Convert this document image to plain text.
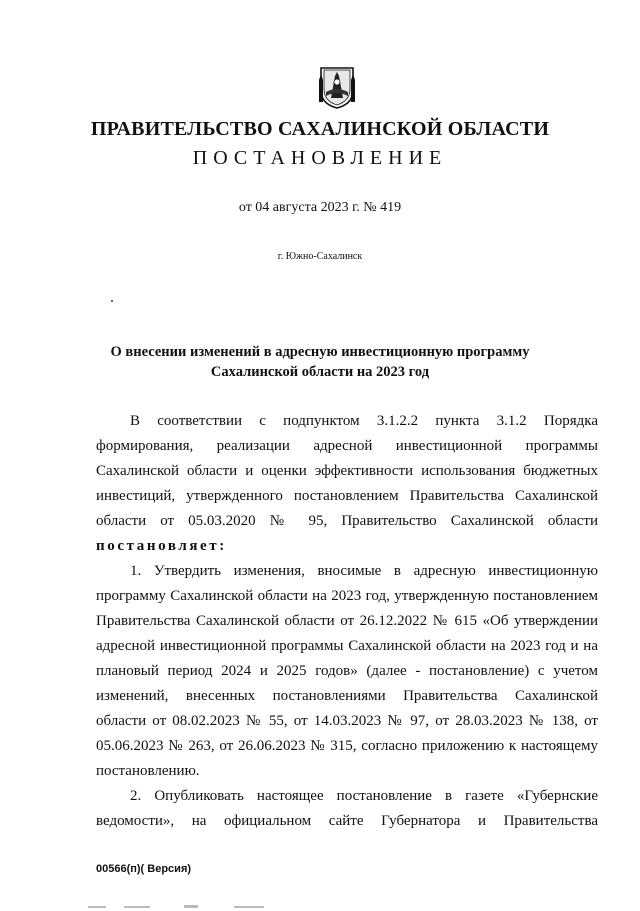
ПРАВИТЕЛЬСТВО САХАЛИНСКОЙ ОБЛАСТИ
ПОСТАНОВЛЕНИЕ
от 04 августа 2023 г. № 419
г. Южно-Сахалинск
О внесении изменений в адресную инвестиционную программу
Сахалинской области на 2023 год
В соответствии с подпунктом 3.1.2.2 пункта 3.1.2 Порядка
формирования, реализации адресной инвестиционной программы
Сахалинской области и оценки эффективности использования бюджетных
инвестиций, утвержденного постановлением Правительства Сахалинской
области от 05.03.2020 № 95, Правительство Сахалинской области
постановляет:
1. Утвердить изменения, вносимые в адресную инвестиционную
программу Сахалинской области на 2023 год, утвержденную постановлением
Правительства Сахалинской области от 26.12.2022 № 615 «Об утверждении
адресной инвестиционной программы Сахалинской области на 2023 год и на
плановый период 2024 и 2025 годов» (далее - постановление) с учетом
изменений, внесенных постановлениями Правительства Сахалинской
области от 08.02.2023 № 55, от 14.03.2023 № 97, от 28.03.2023 № 138, от
05.06.2023 № 263, от 26.06.2023 № 315, согласно приложению к настоящему
постановлению.
2. Опубликовать настоящее постановление в газете «Губернские
ведомости», на официальном сайте Губернатора и Правительства
00566(п)( Версия)
